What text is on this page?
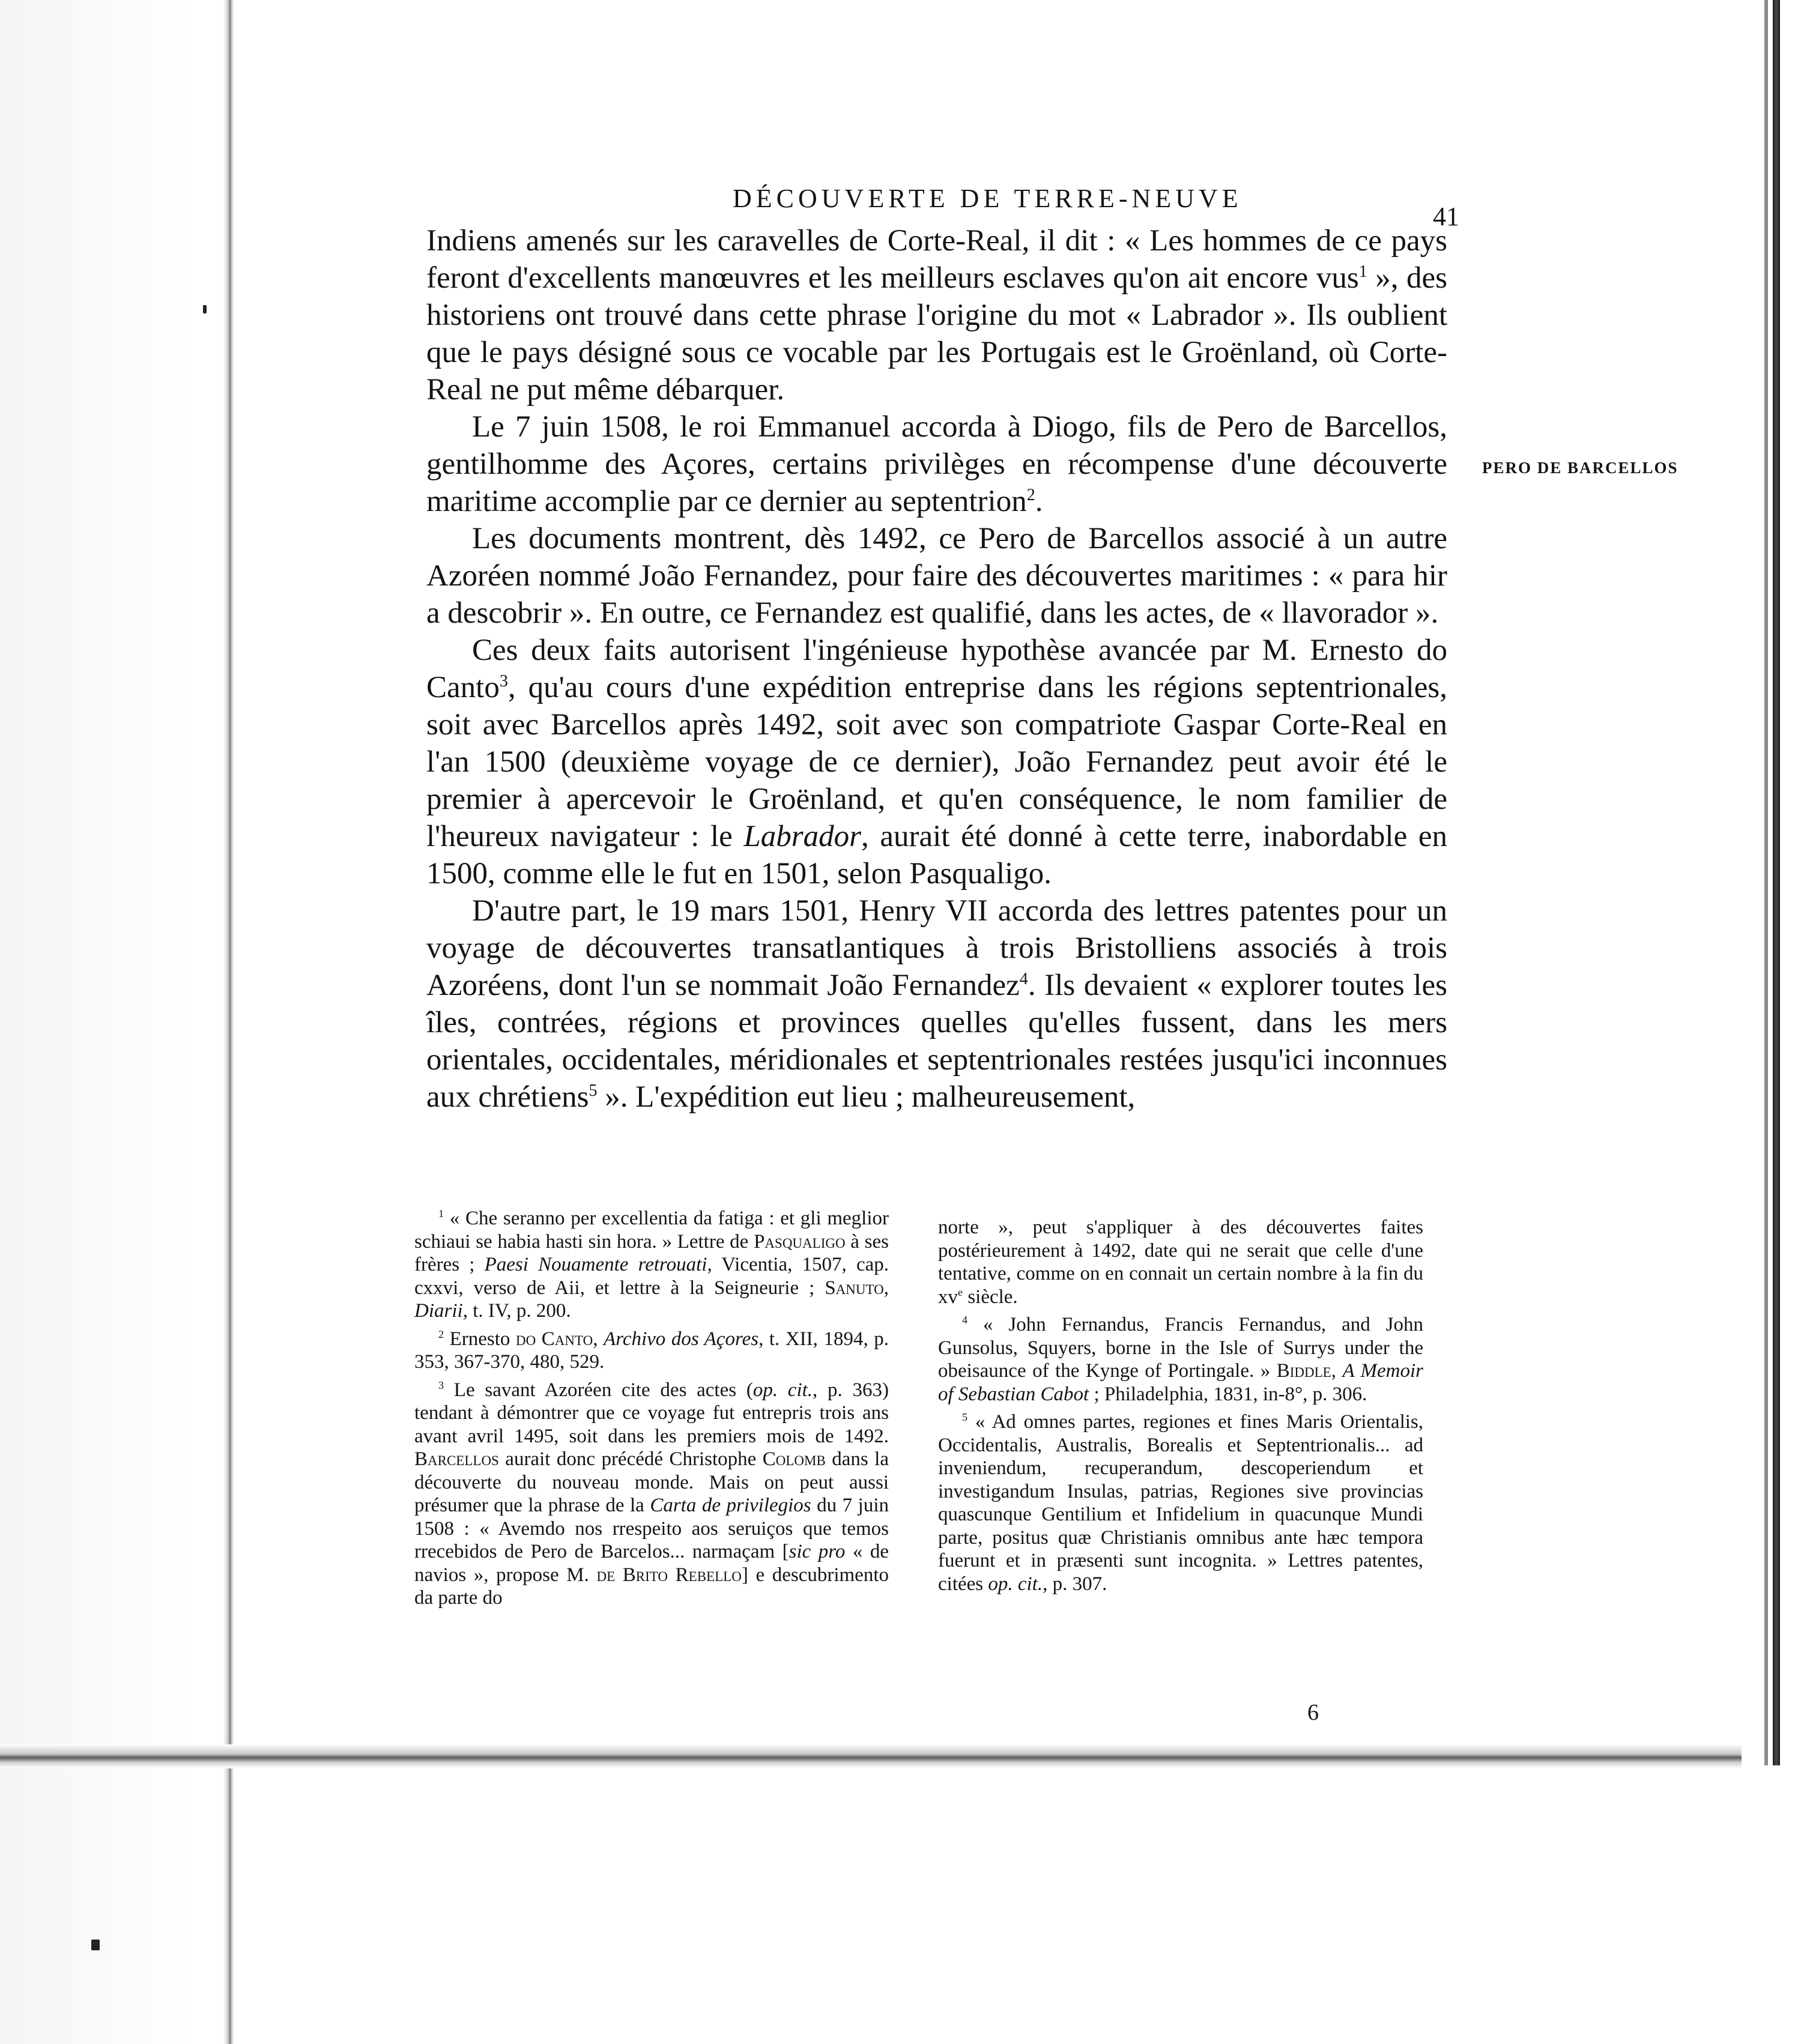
DÉCOUVERTE DE TERRE-NEUVE
41
PERO DE BARCELLOS

Indiens amenés sur les caravelles de Corte-Real, il dit : « Les hommes de ce pays feront d'excellents manœuvres et les meilleurs esclaves qu'on ait encore vus$^1$ », des historiens ont trouvé dans cette phrase l'origine du mot « Labrador ». Ils oublient que le pays désigné sous ce vocable par les Portugais est le Groënland, où Corte-Real ne put même débarquer.

Le 7 juin 1508, le roi Emmanuel accorda à Diogo, fils de Pero de Barcellos, gentilhomme des Açores, certains privilèges en récompense d'une découverte maritime accomplie par ce dernier au septentrion$^2$.

Les documents montrent, dès 1492, ce Pero de Barcellos associé à un autre Azoréen nommé João Fernandez, pour faire des découvertes maritimes : « para hir a descobrir ». En outre, ce Fernandez est qualifié, dans les actes, de « llavorador ».

Ces deux faits autorisent l'ingénieuse hypothèse avancée par M. Ernesto do Canto$^3$, qu'au cours d'une expédition entreprise dans les régions septentrionales, soit avec Barcellos après 1492, soit avec son compatriote Gaspar Corte-Real en l'an 1500 (deuxième voyage de ce dernier), João Fernandez peut avoir été le premier à apercevoir le Groënland, et qu'en conséquence, le nom familier de l'heureux navigateur : le Labrador, aurait été donné à cette terre, inabordable en 1500, comme elle le fut en 1501, selon Pasqualigo.

D'autre part, le 19 mars 1501, Henry VII accorda des lettres patentes pour un voyage de découvertes transatlantiques à trois Bristolliens associés à trois Azoréens, dont l'un se nommait João Fernandez$^4$. Ils devaient « explorer toutes les îles, contrées, régions et provinces quelles qu'elles fussent, dans les mers orientales, occidentales, méridionales et septentrionales restées jusqu'ici inconnues aux chrétiens$^5$ ». L'expédition eut lieu ; malheureusement,

$^1$ « Che seranno per excellentia da fatiga : et gli meglior schiaui se habia hasti sin hora. » Lettre de Pasqualigo à ses frères ; Paesi Nouamente retrouati, Vicentia, 1507, cap. cxxvi, verso de Aii, et lettre à la Seigneurie ; Sanuto, Diarii, t. IV, p. 200.

$^2$ Ernesto do Canto, Archivo dos Açores, t. XII, 1894, p. 353, 367-370, 480, 529.

$^3$ Le savant Azoréen cite des actes (op. cit., p. 363) tendant à démontrer que ce voyage fut entrepris trois ans avant avril 1495, soit dans les premiers mois de 1492. Barcellos aurait donc précédé Christophe Colomb dans la découverte du nouveau monde. Mais on peut aussi présumer que la phrase de la Carta de privilegios du 7 juin 1508 : « Avemdo nos rrespeito aos seruiços que temos rrecebidos de Pero de Barcelos... narmaçam [sic pro « de navios », propose M. de Brito Rebello] e descubrimento da parte do

norte », peut s'appliquer à des découvertes faites postérieurement à 1492, date qui ne serait que celle d'une tentative, comme on en connait un certain nombre à la fin du $xv^e$ siècle.

$^4$ « John Fernandus, Francis Fernandus, and John Gunsolus, Squyers, borne in the Isle of Surrys under the obeisaunce of the Kynge of Portingale. » Biddle, A Memoir of Sebastian Cabot ; Philadelphia, 1831, in-8°, p. 306.

$^5$ « Ad omnes partes, regiones et fines Maris Orientalis, Occidentalis, Australis, Borealis et Septentrionalis... ad inveniendum, recuperandum, descoperiendum et investigandum Insulas, patrias, Regiones sive provincias quascunque Gentilium et Infidelium in quacunque Mundi parte, positus quæ Christianis omnibus ante hæc tempora fuerunt et in præsenti sunt incognita. » Lettres patentes, citées op. cit., p. 307.

6
